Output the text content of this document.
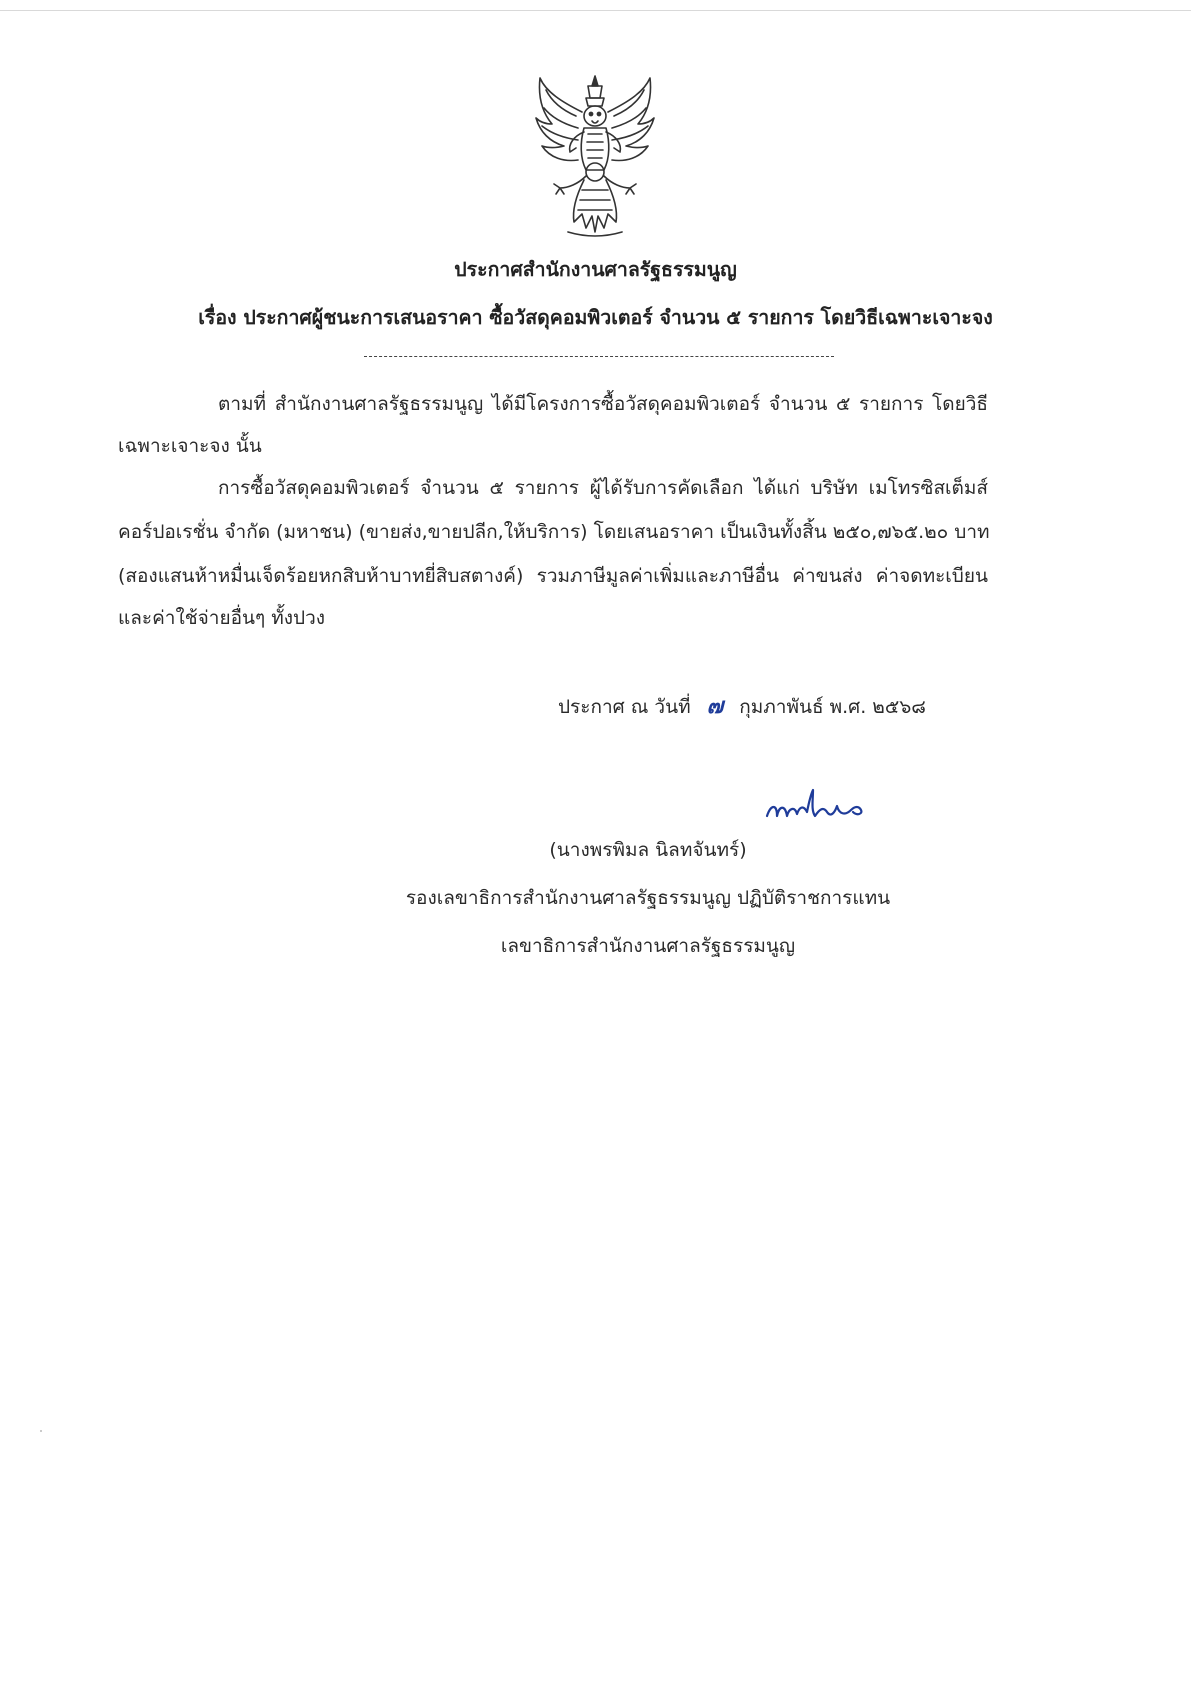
ประกาศสำนักงานศาลรัฐธรรมนูญ
เรื่อง ประกาศผู้ชนะการเสนอราคา ซื้อวัสดุคอมพิวเตอร์ จำนวน ๕ รายการ โดยวิธีเฉพาะเจาะจง
ตามที่ สำนักงานศาลรัฐธรรมนูญ ได้มีโครงการซื้อวัสดุคอมพิวเตอร์ จำนวน ๕ รายการ โดยวิธี
เฉพาะเจาะจง นั้น
การซื้อวัสดุคอมพิวเตอร์ จำนวน ๕ รายการ ผู้ได้รับการคัดเลือก ได้แก่ บริษัท เมโทรซิสเต็มส์
คอร์ปอเรชั่น จำกัด (มหาชน) (ขายส่ง,ขายปลีก,ให้บริการ) โดยเสนอราคา เป็นเงินทั้งสิ้น ๒๕๐,๗๖๕.๒๐ บาท
(สองแสนห้าหมื่นเจ็ดร้อยหกสิบห้าบาทยี่สิบสตางค์) รวมภาษีมูลค่าเพิ่มและภาษีอื่น ค่าขนส่ง ค่าจดทะเบียน
และค่าใช้จ่ายอื่นๆ ทั้งปวง
ประกาศ ณ วันที่ ๗ กุมภาพันธ์ พ.ศ. ๒๕๖๘
(นางพรพิมล นิลทจันทร์)
รองเลขาธิการสำนักงานศาลรัฐธรรมนูญ ปฏิบัติราชการแทน
เลขาธิการสำนักงานศาลรัฐธรรมนูญ
